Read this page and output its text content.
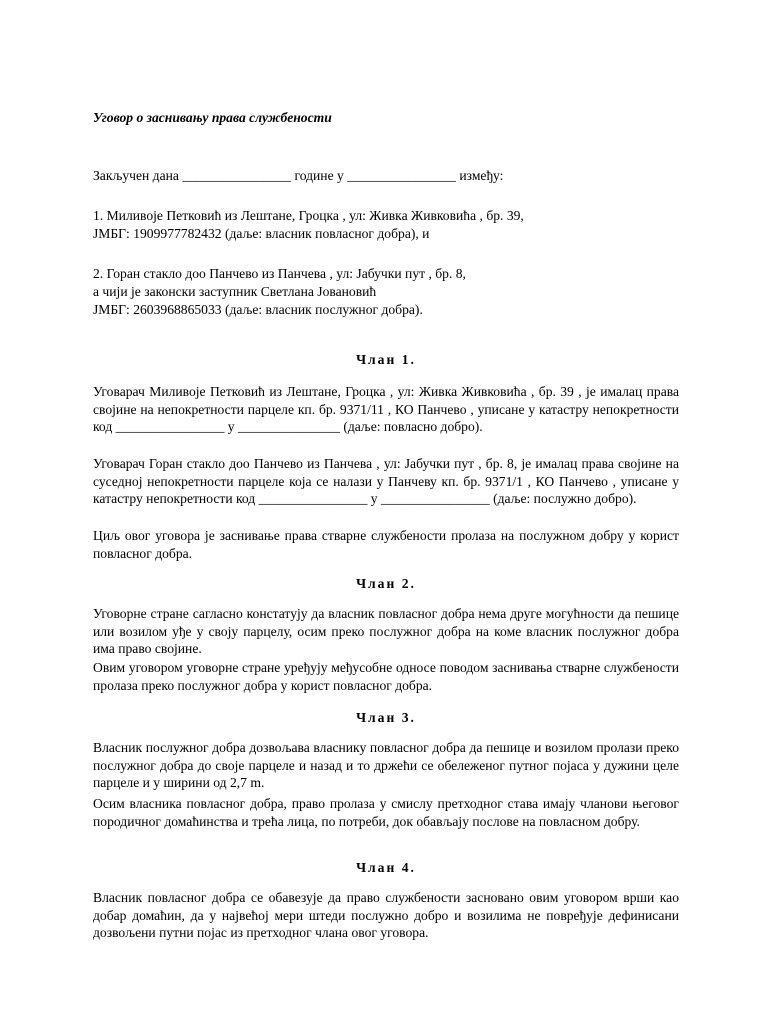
Уговор о заснивању права службености
Закључен дана ________________ године у ________________ између:
1. Миливоје Петковић из Лештане, Гроцка , ул: Живка Живковића , бр. 39,
ЈМБГ: 1909977782432 (даље: власник повласног добра), и
2. Горан стакло доо Панчево из Панчева , ул: Јабучки пут , бр. 8,
а чији је законски заступник Светлана Јовановић
ЈМБГ: 2603968865033 (даље: власник послужног добра).
Члан 1.
Уговарач Миливоје Петковић из Лештане, Гроцка , ул: Живка Живковића , бр. 39 , је ималац права својине на непокретности парцеле кп. бр. 9371/11 , КО Панчево , уписане у катастру непокретности код ________________ у _______________ (даље: повласно добро).
Уговарач Горан стакло доо Панчево из Панчева , ул: Јабучки пут , бр. 8, је ималац права својине на суседној непокретности парцеле која се налази у Панчеву кп. бр. 9371/1 , КО Панчево , уписане у катастру непокретности код ________________ у ________________ (даље: послужно добро).
Циљ овог уговора је заснивање права стварне службености пролаза на послужном добру у корист повласног добра.
Члан 2.
Уговорне стране сагласно констатују да власник повласног добра нема друге могућности да пешице или возилом уђе у своју парцелу, осим преко послужног добра на коме власник послужног добра има право својине.
Овим уговором уговорне стране уређују међусобне односе поводом заснивања стварне службености пролаза преко послужног добра у корист повласног добра.
Члан 3.
Власник послужног добра дозвољава власнику повласног добра да пешице и возилом пролази преко послужног добра до своје парцеле и назад и то држећи се обележеног путног појаса у дужини целе парцеле и у ширини од 2,7 m.
Осим власника повласног добра, право пролаза у смислу претходног става имају чланови његовог породичног домаћинства и трећа лица, по потреби, док обављају послове на повласном добру.
Члан 4.
Власник повласног добра се обавезује да право службености засновано овим уговором врши као добар домаћин, да у највећој мери штеди послужно добро и возилима не повређује дефинисани дозвољени путни појас из претходног члана овог уговора.
